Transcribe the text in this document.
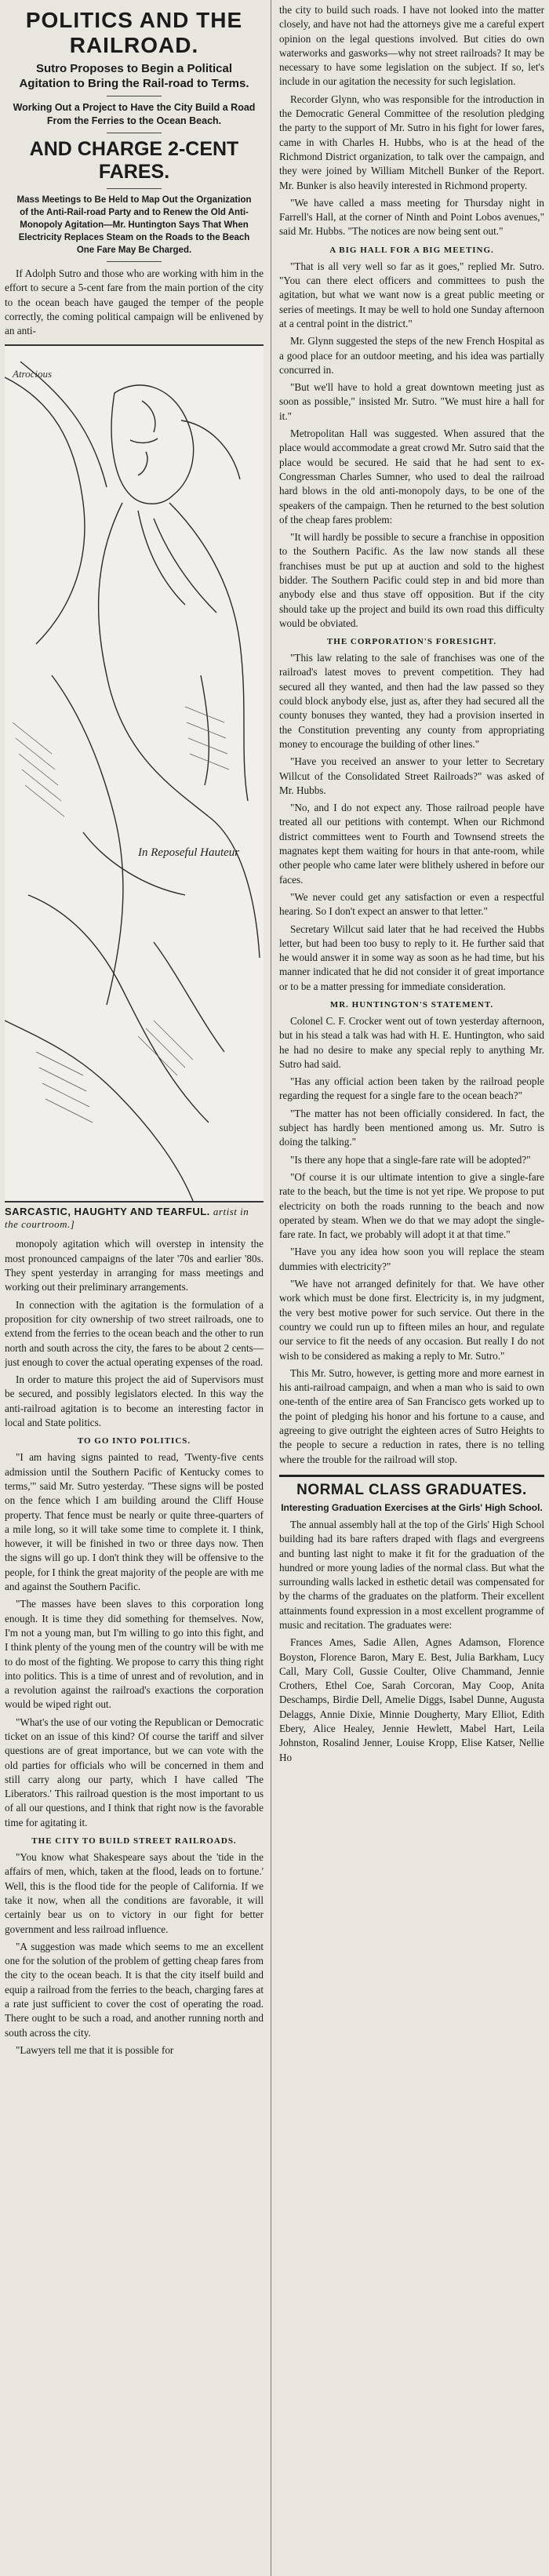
POLITICS AND THE RAILROAD.
Sutro Proposes to Begin a Political Agitation to Bring the Rail-road to Terms.
Working Out a Project to Have the City Build a Road From the Ferries to the Ocean Beach.
AND CHARGE 2-CENT FARES.
Mass Meetings to Be Held to Map Out the Organization of the Anti-Rail-road Party and to Renew the Old Anti-Monopoly Agitation—Mr. Huntington Says That When Electricity Replaces Steam on the Roads to the Beach One Fare May Be Charged.

If Adolph Sutro and those who are working with him in the effort to secure a 5-cent fare from the main portion of the city to the ocean beach have gauged the temper of the people correctly, the coming political campaign will be enlivened by an anti-

Atrocious
In Reposeful Hauteur
SARCASTIC, HAUGHTY AND TEARFUL. artist in the courtroom.]

monopoly agitation which will overstep in intensity the most pronounced campaigns of the later '70s and earlier '80s. They spent yesterday in arranging for mass meetings and working out their preliminary arrangements.

In connection with the agitation is the formulation of a proposition for city ownership of two street railroads, one to extend from the ferries to the ocean beach and the other to run north and south across the city, the fares to be about 2 cents—just enough to cover the actual operating expenses of the road.

In order to mature this project the aid of Supervisors must be secured, and possibly legislators elected. In this way the anti-railroad agitation is to become an interesting factor in local and State politics.

TO GO INTO POLITICS.

"I am having signs painted to read, 'Twenty-five cents admission until the Southern Pacific of Kentucky comes to terms,'" said Mr. Sutro yesterday. "These signs will be posted on the fence which I am building around the Cliff House property. That fence must be nearly or quite three-quarters of a mile long, so it will take some time to complete it. I think, however, it will be finished in two or three days now. Then the signs will go up. I don't think they will be offensive to the people, for I think the great majority of the people are with me and against the Southern Pacific.

"The masses have been slaves to this corporation long enough. It is time they did something for themselves. Now, I'm not a young man, but I'm willing to go into this fight, and I think plenty of the young men of the country will be with me to do most of the fighting. We propose to carry this thing right into politics. This is a time of unrest and of revolution, and in a revolution against the railroad's exactions the corporation would be wiped right out.

"What's the use of our voting the Republican or Democratic ticket on an issue of this kind? Of course the tariff and silver questions are of great importance, but we can vote with the old parties for officials who will be concerned in them and still carry along our party, which I have called 'The Liberators.' This railroad question is the most important to us of all our questions, and I think that right now is the favorable time for agitating it.

THE CITY TO BUILD STREET RAILROADS.

"You know what Shakespeare says about the 'tide in the affairs of men, which, taken at the flood, leads on to fortune.' Well, this is the flood tide for the people of California. If we take it now, when all the conditions are favorable, it will certainly bear us on to victory in our fight for better government and less railroad influence.

"A suggestion was made which seems to me an excellent one for the solution of the problem of getting cheap fares from the city to the ocean beach. It is that the city itself build and equip a railroad from the ferries to the beach, charging fares at a rate just sufficient to cover the cost of operating the road. There ought to be such a road, and another running north and south across the city.

"Lawyers tell me that it is possible for

the city to build such roads. I have not looked into the matter closely, and have not had the attorneys give me a careful expert opinion on the legal questions involved. But cities do own waterworks and gasworks—why not street railroads? It may be necessary to have some legislation on the subject. If so, let's include in our agitation the necessity for such legislation.

Recorder Glynn, who was responsible for the introduction in the Democratic General Committee of the resolution pledging the party to the support of Mr. Sutro in his fight for lower fares, came in with Charles H. Hubbs, who is at the head of the Richmond District organization, to talk over the campaign, and they were joined by William Mitchell Bunker of the Report. Mr. Bunker is also heavily interested in Richmond property.

"We have called a mass meeting for Thursday night in Farrell's Hall, at the corner of Ninth and Point Lobos avenues," said Mr. Hubbs. "The notices are now being sent out."

A BIG HALL FOR A BIG MEETING.

"That is all very well so far as it goes," replied Mr. Sutro. "You can there elect officers and committees to push the agitation, but what we want now is a great public meeting or series of meetings. It may be well to hold one Sunday afternoon at a central point in the district."

Mr. Glynn suggested the steps of the new French Hospital as a good place for an outdoor meeting, and his idea was partially concurred in.

"But we'll have to hold a great downtown meeting just as soon as possible," insisted Mr. Sutro. "We must hire a hall for it."

Metropolitan Hall was suggested. When assured that the place would accommodate a great crowd Mr. Sutro said that the place would be secured. He said that he had sent to ex-Congressman Charles Sumner, who used to deal the railroad hard blows in the old anti-monopoly days, to be one of the speakers of the campaign. Then he returned to the best solution of the cheap fares problem:

"It will hardly be possible to secure a franchise in opposition to the Southern Pacific. As the law now stands all these franchises must be put up at auction and sold to the highest bidder. The Southern Pacific could step in and bid more than anybody else and thus stave off opposition. But if the city should take up the project and build its own road this difficulty would be obviated.

THE CORPORATION'S FORESIGHT.

"This law relating to the sale of franchises was one of the railroad's latest moves to prevent competition. They had secured all they wanted, and then had the law passed so they could block anybody else, just as, after they had secured all the county bonuses they wanted, they had a provision inserted in the Constitution preventing any county from appropriating money to encourage the building of other lines."

"Have you received an answer to your letter to Secretary Willcut of the Consolidated Street Railroads?" was asked of Mr. Hubbs.

"No, and I do not expect any. Those railroad people have treated all our petitions with contempt. When our Richmond district committees went to Fourth and Townsend streets the magnates kept them waiting for hours in that ante-room, while other people who came later were blithely ushered in before our faces.

"We never could get any satisfaction or even a respectful hearing. So I don't expect an answer to that letter."

Secretary Willcut said later that he had received the Hubbs letter, but had been too busy to reply to it. He further said that he would answer it in some way as soon as he had time, but his manner indicated that he did not consider it of great importance or to be a matter pressing for immediate consideration.

MR. HUNTINGTON'S STATEMENT.

Colonel C. F. Crocker went out of town yesterday afternoon, but in his stead a talk was had with H. E. Huntington, who said he had no desire to make any special reply to anything Mr. Sutro had said.

"Has any official action been taken by the railroad people regarding the request for a single fare to the ocean beach?"

"The matter has not been officially considered. In fact, the subject has hardly been mentioned among us. Mr. Sutro is doing the talking."

"Is there any hope that a single-fare rate will be adopted?"

"Of course it is our ultimate intention to give a single-fare rate to the beach, but the time is not yet ripe. We propose to put electricity on both the roads running to the beach and now operated by steam. When we do that we may adopt the single-fare rate. In fact, we probably will adopt it at that time."

"Have you any idea how soon you will replace the steam dummies with electricity?"

"We have not arranged definitely for that. We have other work which must be done first. Electricity is, in my judgment, the very best motive power for such service. Out there in the country we could run up to fifteen miles an hour, and regulate our service to fit the needs of any occasion. But really I do not wish to be considered as making a reply to Mr. Sutro."

This Mr. Sutro, however, is getting more and more earnest in his anti-railroad campaign, and when a man who is said to own one-tenth of the entire area of San Francisco gets worked up to the point of pledging his honor and his fortune to a cause, and agreeing to give outright the eighteen acres of Sutro Heights to the people to secure a reduction in rates, there is no telling where the trouble for the railroad will stop.

NORMAL CLASS GRADUATES.
Interesting Graduation Exercises at the Girls' High School.

The annual assembly hall at the top of the Girls' High School building had its bare rafters draped with flags and evergreens and bunting last night to make it fit for the graduation of the hundred or more young ladies of the normal class. But what the surrounding walls lacked in esthetic detail was compensated for by the charms of the graduates on the platform. Their excellent attainments found expression in a most excellent programme of music and recitation. The graduates were:

Frances Ames, Sadie Allen, Agnes Adamson, Florence Boyston, Florence Baron, Mary E. Best, Julia Barkham, Lucy Call, Mary Coll, Gussie Coulter, Olive Chammand, Jennie Crothers, Ethel Coe, Sarah Corcoran, May Coop, Anita Deschamps, Birdie Dell, Amelie Diggs, Isabel Dunne, Augusta Delaggs, Annie Dixie, Minnie Dougherty, Mary Elliot, Edith Ebery, Alice Healey, Jennie Hewlett, Mabel Hart, Leila Johnston, Rosalind Jenner, Louise Kropp, Elise Katser, Nellie Ho
